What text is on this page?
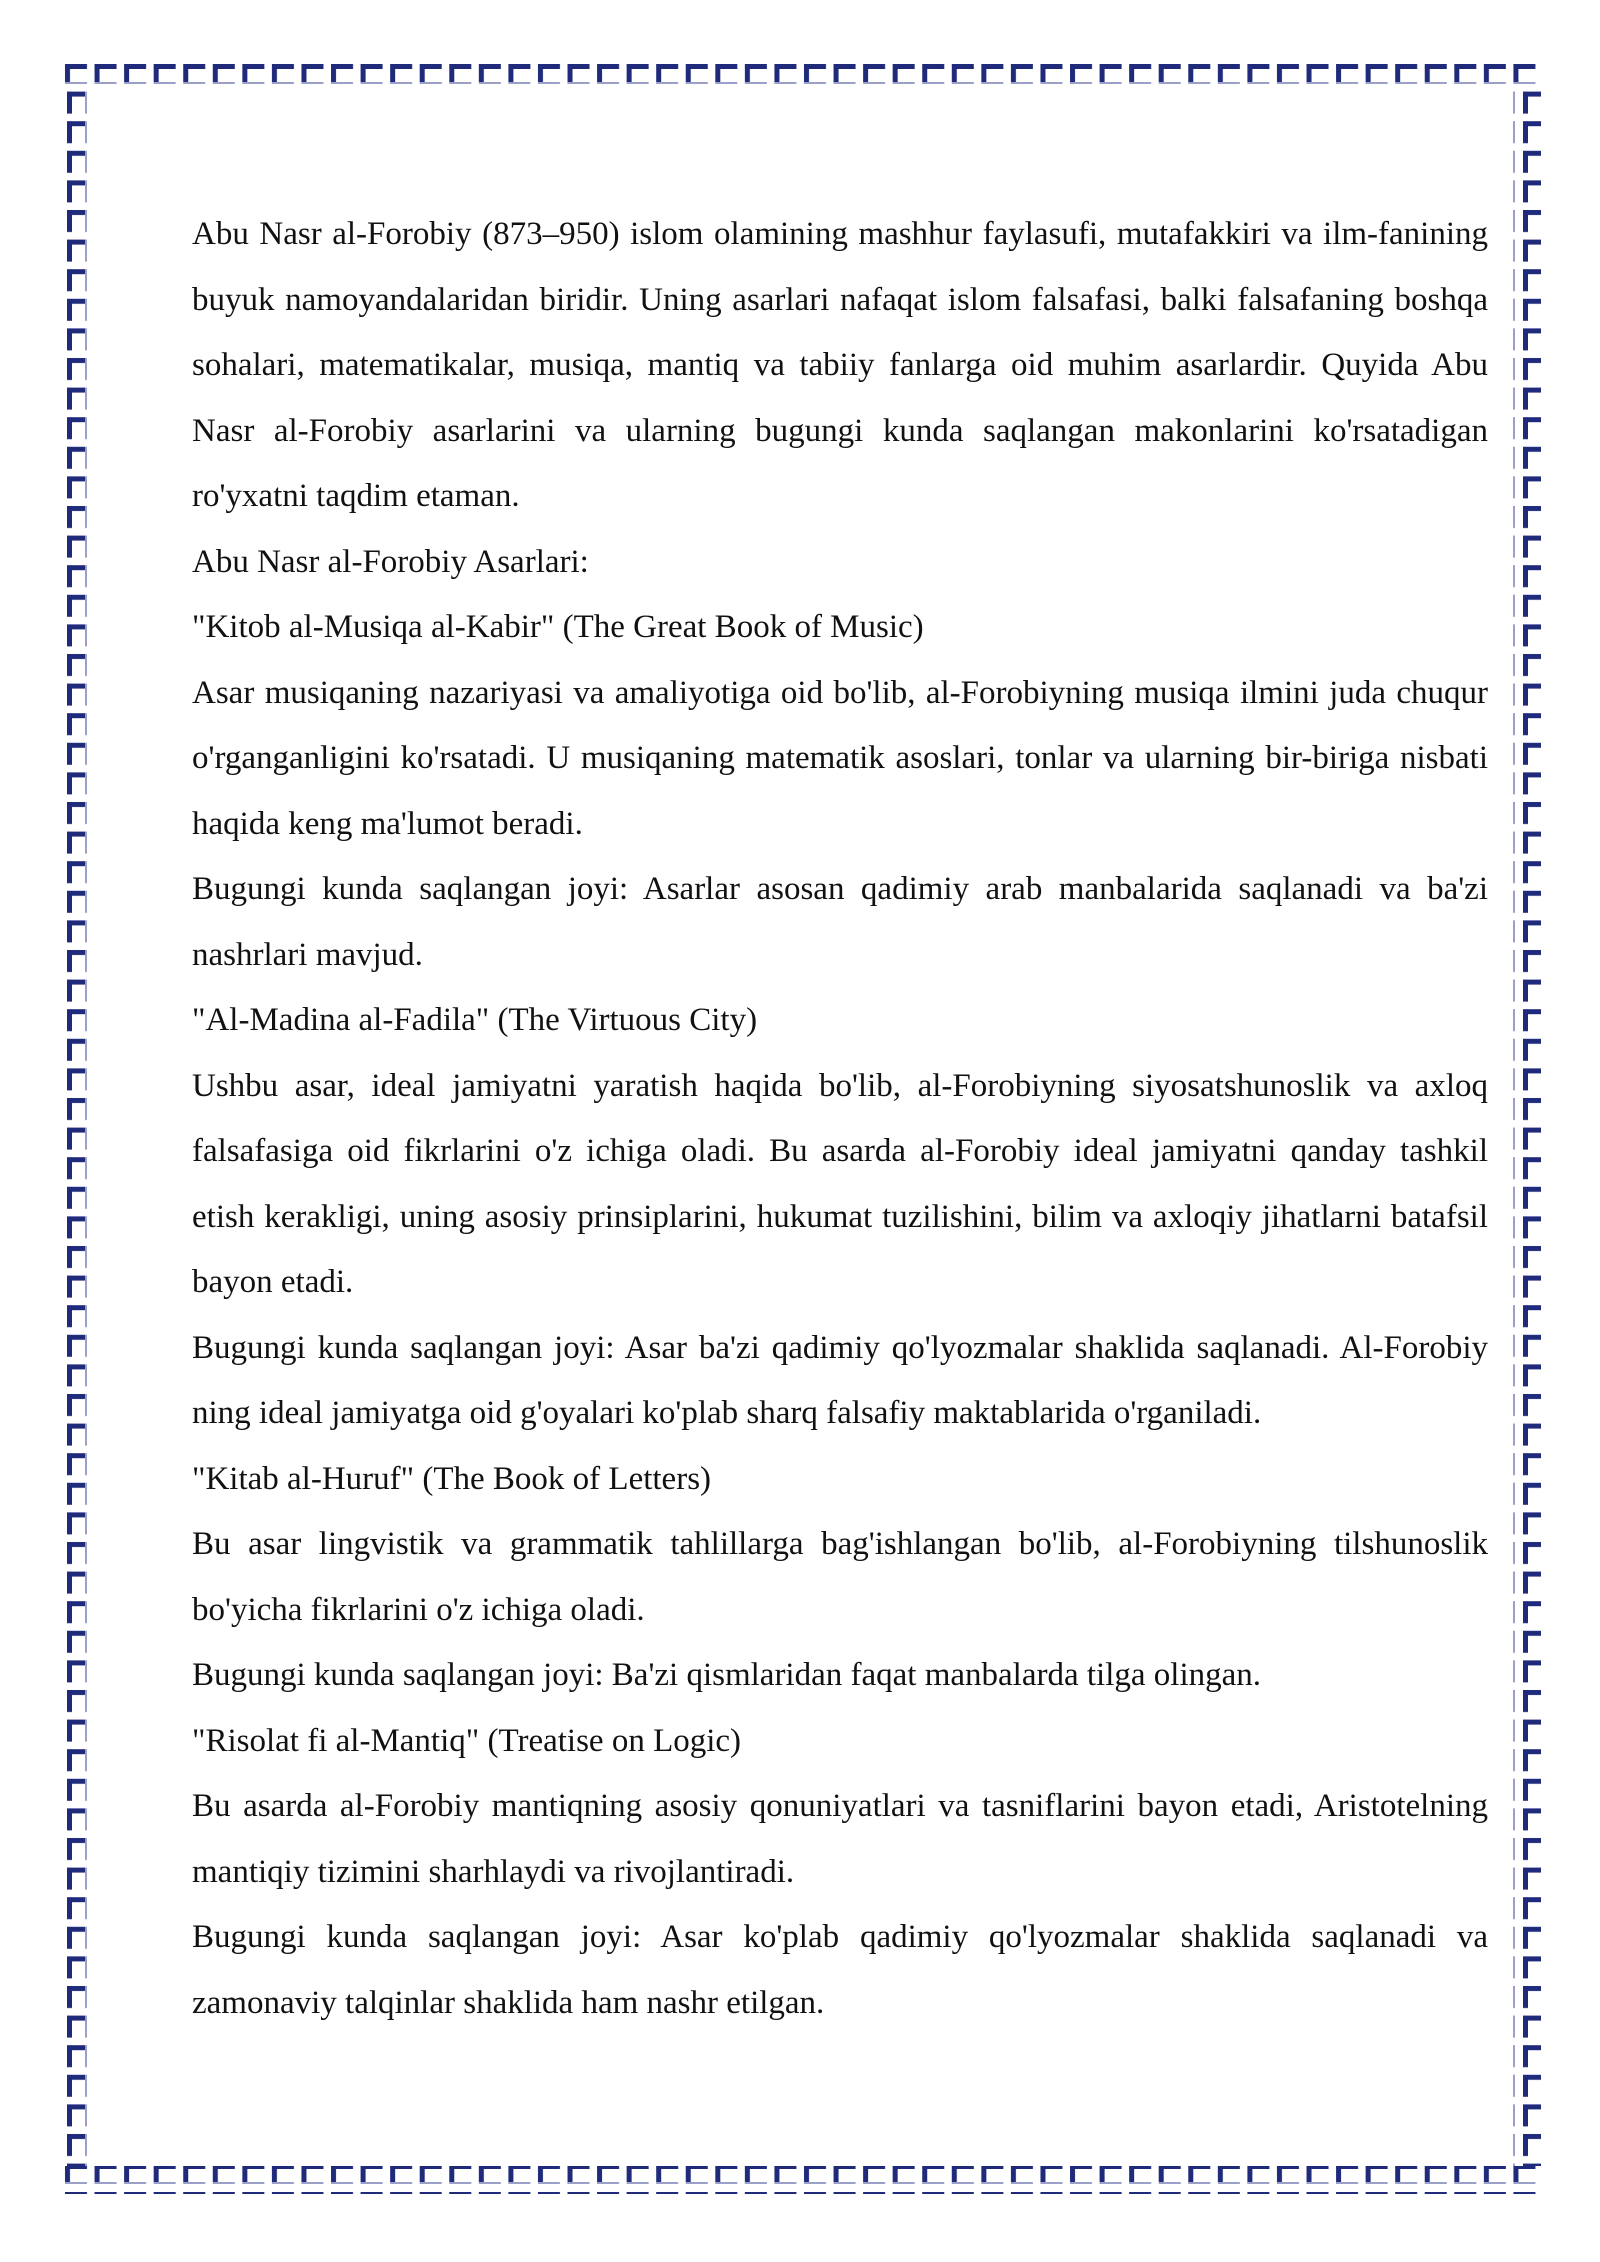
Abu Nasr al-Forobiy (873–950) islom olamining mashhur faylasufi, mutafakkiri va ilm-fanining buyuk namoyandalaridan biridir. Uning asarlari nafaqat islom falsafasi, balki falsafaning boshqa sohalari, matematikalar, musiqa, mantiq va tabiiy fanlarga oid muhim asarlardir. Quyida Abu Nasr al-Forobiy asarlarini va ularning bugungi kunda saqlangan makonlarini ko'rsatadigan ro'yxatni taqdim etaman.

Abu Nasr al-Forobiy Asarlari:

"Kitob al-Musiqa al-Kabir" (The Great Book of Music)

Asar musiqaning nazariyasi va amaliyotiga oid bo'lib, al-Forobiyning musiqa ilmini juda chuqur o'rganganligini ko'rsatadi. U musiqaning matematik asoslari, tonlar va ularning bir-biriga nisbati haqida keng ma'lumot beradi.

Bugungi kunda saqlangan joyi: Asarlar asosan qadimiy arab manbalarida saqlanadi va ba'zi nashrlari mavjud.

"Al-Madina al-Fadila" (The Virtuous City)

Ushbu asar, ideal jamiyatni yaratish haqida bo'lib, al-Forobiyning siyosatshunoslik va axloq falsafasiga oid fikrlarini o'z ichiga oladi. Bu asarda al-Forobiy ideal jamiyatni qanday tashkil etish kerakligi, uning asosiy prinsiplarini, hukumat tuzilishini, bilim va axloqiy jihatlarni batafsil bayon etadi.

Bugungi kunda saqlangan joyi: Asar ba'zi qadimiy qo'lyozmalar shaklida saqlanadi. Al-Forobiy ning ideal jamiyatga oid g'oyalari ko'plab sharq falsafiy maktablarida o'rganiladi.

"Kitab al-Huruf" (The Book of Letters)

Bu asar lingvistik va grammatik tahlillarga bag'ishlangan bo'lib, al-Forobiyning tilshunoslik bo'yicha fikrlarini o'z ichiga oladi.

Bugungi kunda saqlangan joyi: Ba'zi qismlaridan faqat manbalarda tilga olingan.

"Risolat fi al-Mantiq" (Treatise on Logic)

Bu asarda al-Forobiy mantiqning asosiy qonuniyatlari va tasniflarini bayon etadi, Aristotelning mantiqiy tizimini sharhlaydi va rivojlantiradi.

Bugungi kunda saqlangan joyi: Asar ko'plab qadimiy qo'lyozmalar shaklida saqlanadi va zamonaviy talqinlar shaklida ham nashr etilgan.
